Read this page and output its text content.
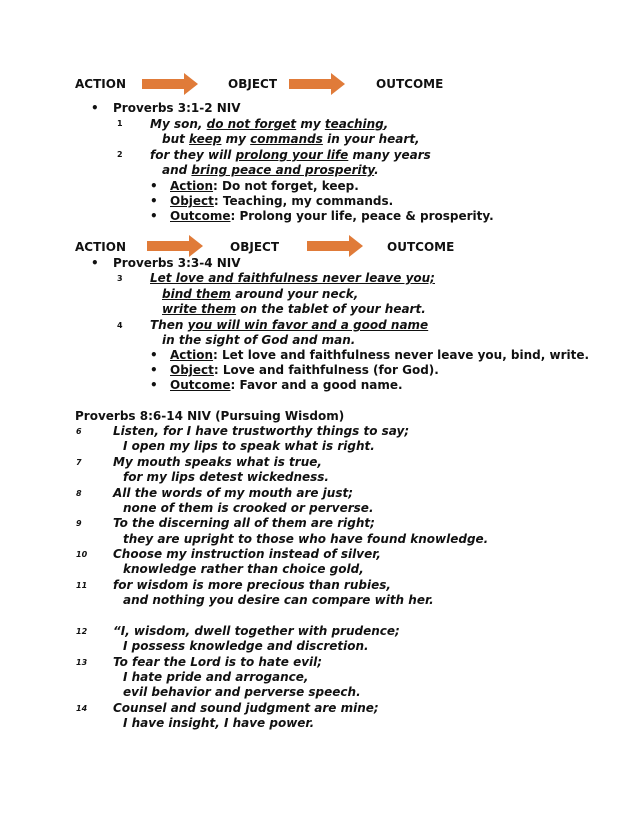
ACTION	OBJECT	OUTCOME
• Proverbs 3:1-2 NIV
1 My son, do not forget my teaching,
but keep my commands in your heart,
2 for they will prolong your life many years
and bring peace and prosperity.
• Action: Do not forget, keep.
• Object: Teaching, my commands.
• Outcome: Prolong your life, peace & prosperity.
ACTION	OBJECT	OUTCOME
• Proverbs 3:3-4 NIV
3 Let love and faithfulness never leave you;
bind them around your neck,
write them on the tablet of your heart.
4 Then you will win favor and a good name
in the sight of God and man.
• Action: Let love and faithfulness never leave you, bind, write.
• Object: Love and faithfulness (for God).
• Outcome: Favor and a good name.
Proverbs 8:6-14 NIV (Pursuing Wisdom)
6	Listen, for I have trustworthy things to say;
I open my lips to speak what is right.
7	My mouth speaks what is true,
for my lips detest wickedness.
8	All the words of my mouth are just;
none of them is crooked or perverse.
9	To the discerning all of them are right;
they are upright to those who have found knowledge.
10 Choose my instruction instead of silver,
knowledge rather than choice gold,
11 for wisdom is more precious than rubies,
and nothing you desire can compare with her.
12 “I, wisdom, dwell together with prudence;
I possess knowledge and discretion.
13 To fear the Lord is to hate evil;
I hate pride and arrogance,
evil behavior and perverse speech.
14 Counsel and sound judgment are mine;
I have insight, I have power.
